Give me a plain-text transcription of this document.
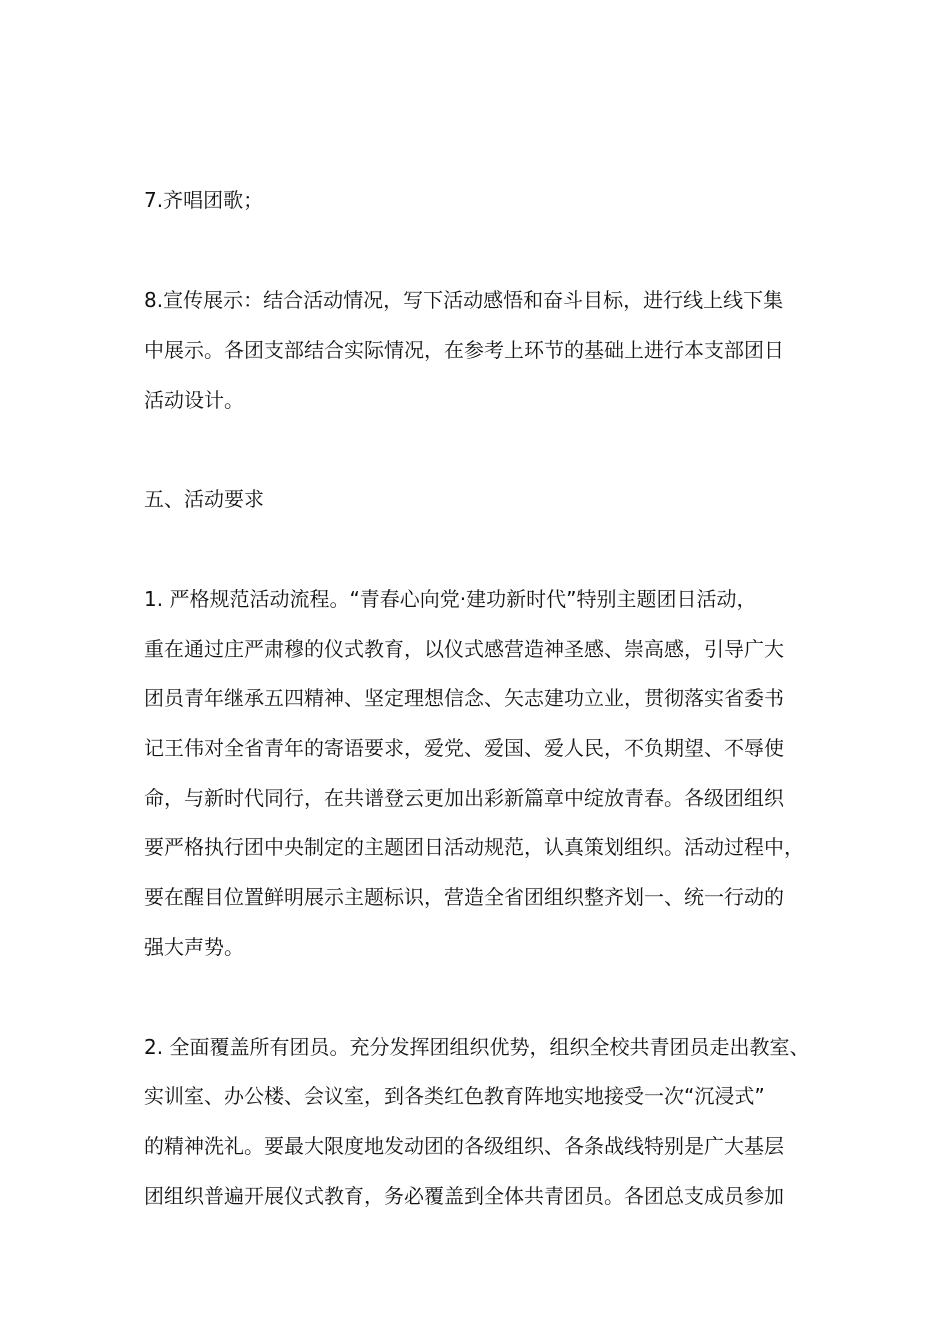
7.齐唱团歌；
8.宣传展示：结合活动情况，写下活动感悟和奋斗目标，进行线上线下集
中展示。各团支部结合实际情况，在参考上环节的基础上进行本支部团日
活动设计。
五、活动要求
1. 严格规范活动流程。“青春心向党·建功新时代”特别主题团日活动，
重在通过庄严肃穆的仪式教育，以仪式感营造神圣感、崇高感，引导广大
团员青年继承五四精神、坚定理想信念、矢志建功立业，贯彻落实省委书
记王伟对全省青年的寄语要求，爱党、爱国、爱人民，不负期望、不辱使
命，与新时代同行，在共谱登云更加出彩新篇章中绽放青春。各级团组织
要严格执行团中央制定的主题团日活动规范，认真策划组织。活动过程中，
要在醒目位置鲜明展示主题标识，营造全省团组织整齐划一、统一行动的
强大声势。
2. 全面覆盖所有团员。充分发挥团组织优势，组织全校共青团员走出教室、
实训室、办公楼、会议室，到各类红色教育阵地实地接受一次“沉浸式”
的精神洗礼。要最大限度地发动团的各级组织、各条战线特别是广大基层
团组织普遍开展仪式教育，务必覆盖到全体共青团员。各团总支成员参加
